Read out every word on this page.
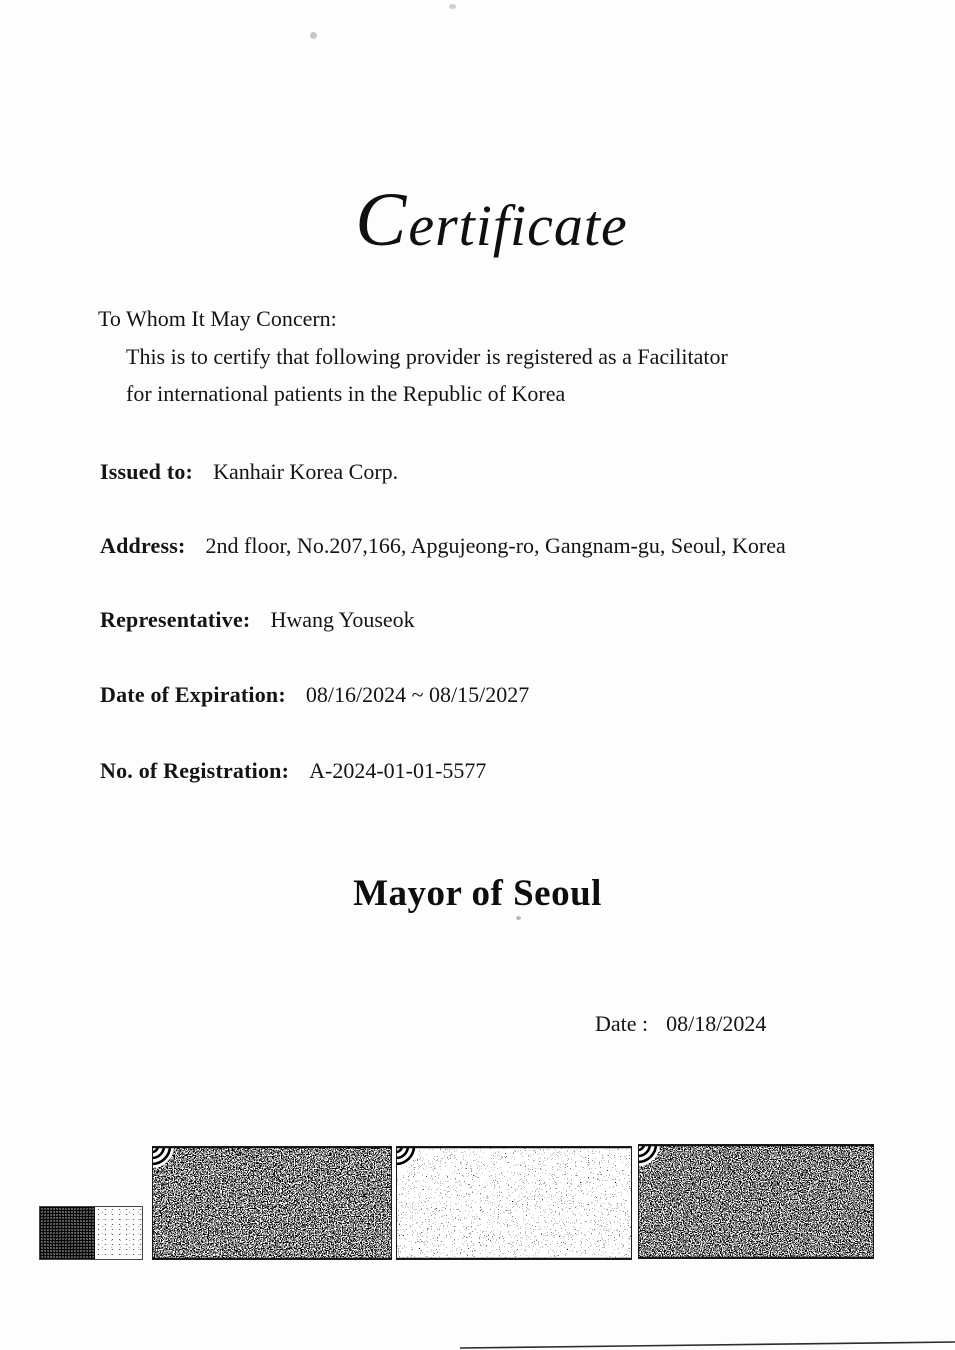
Certificate
To Whom It May Concern:
This is to certify that following provider is registered as a Facilitator
for international patients in the Republic of Korea
Issued to: Kanhair Korea Corp.
Address: 2nd floor, No.207,166, Apgujeong-ro, Gangnam-gu, Seoul, Korea
Representative: Hwang Youseok
Date of Expiration: 08/16/2024 ~ 08/15/2027
No. of Registration: A-2024-01-01-5577
Mayor of Seoul
Date : 08/18/2024
